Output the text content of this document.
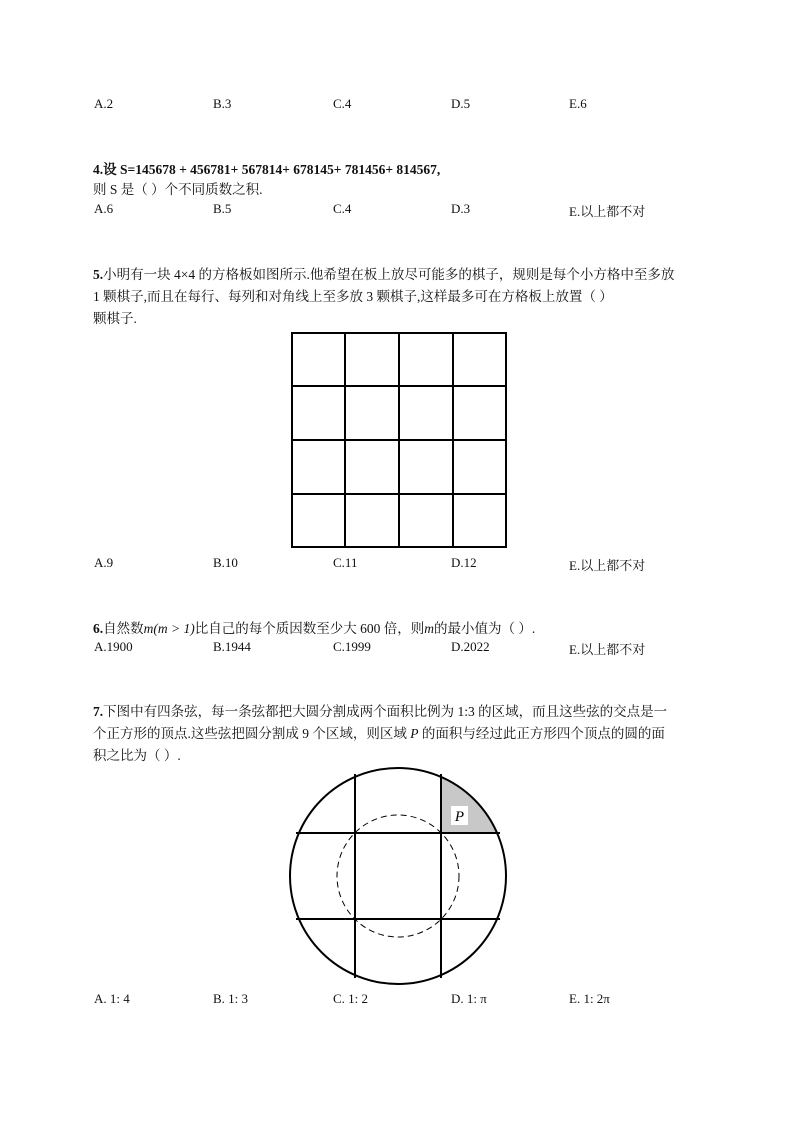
A.2	B.3	C.4	D.5	E.6
4.设 S=145678 + 456781+ 567814+ 678145+ 781456+ 814567,
则 S 是（ ）个不同质数之积.
A.6	B.5	C.4	D.3	E.以上都不对
5.小明有一块 4×4 的方格板如图所示.他希望在板上放尽可能多的棋子，规则是每个小方格中至多放
1 颗棋子,而且在每行、每列和对角线上至多放 3 颗棋子,这样最多可在方格板上放置（ ）
颗棋子.
A.9	B.10	C.11	D.12	E.以上都不对
6.自然数m(m > 1)比自己的每个质因数至少大 600 倍，则m的最小值为（ ）.
A.1900	B.1944	C.1999	D.2022	E.以上都不对
7.下图中有四条弦，每一条弦都把大圆分割成两个面积比例为 1:3 的区域，而且这些弦的交点是一
个正方形的顶点.这些弦把圆分割成 9 个区域，则区域 P 的面积与经过此正方形四个顶点的圆的面
积之比为（ ）.
P
A. 1: 4	B. 1: 3	C. 1: 2	D. 1: π	E. 1: 2π
